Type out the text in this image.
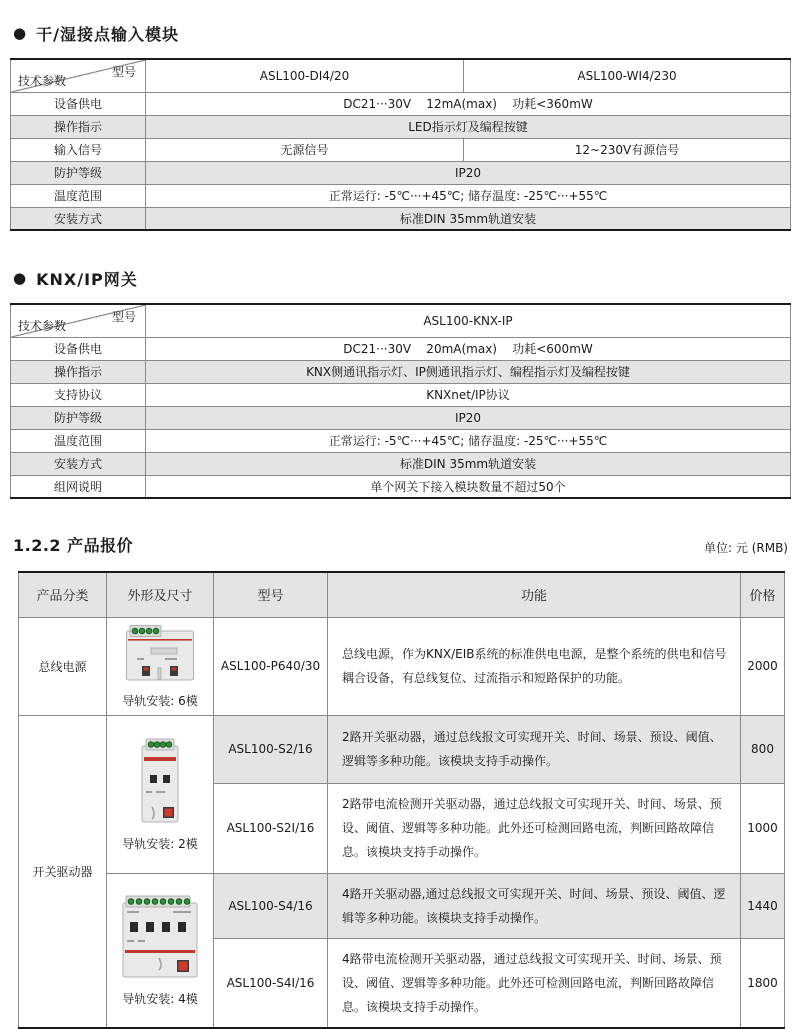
● 干/湿接点输入模块
型号
技术参数	ASL100-DI4/20	ASL100-WI4/230
设备供电	DC21···30V    12mA(max)    功耗<360mW	
操作指示	LED指示灯及编程按键	
输入信号	无源信号	12~230V有源信号
防护等级	IP20	
温度范围	正常运行: -5℃···+45℃; 储存温度: -25℃···+55℃	
安装方式	标准DIN 35mm轨道安装	
● KNX/IP网关
型号
技术参数	ASL100-KNX-IP
设备供电	DC21···30V    20mA(max)    功耗<600mW
操作指示	KNX侧通讯指示灯、IP侧通讯指示灯、编程指示灯及编程按键
支持协议	KNXnet/IP协议
防护等级	IP20
温度范围	正常运行: -5℃···+45℃; 储存温度: -25℃···+55℃
安装方式	标准DIN 35mm轨道安装
组网说明	单个网关下接入模块数量不超过50个
1.2.2 产品报价	单位: 元 (RMB)
产品分类	外形及尺寸	型号	功能	价格
总线电源	导轨安装: 6模	ASL100-P640/30	总线电源，作为KNX/EIB系统的标准供电电源，是整个系统的供电和信号耦合设备，有总线复位、过流指示和短路保护的功能。	2000
开关驱动器	导轨安装: 2模	ASL100-S2/16	2路开关驱动器，通过总线报文可实现开关、时间、场景、预设、阈值、逻辑等多种功能。该模块支持手动操作。	800
		ASL100-S2I/16	2路带电流检测开关驱动器，通过总线报文可实现开关、时间、场景、预设、阈值、逻辑等多种功能。此外还可检测回路电流，判断回路故障信息。该模块支持手动操作。	1000

	导轨安装: 4模	ASL100-S4/16	4路开关驱动器,通过总线报文可实现开关、时间、场景、预设、阈值、逻辑等多种功能。该模块支持手动操作。	1440
		ASL100-S4I/16	4路带电流检测开关驱动器，通过总线报文可实现开关、时间、场景、预设、阈值、逻辑等多种功能。此外还可检测回路电流，判断回路故障信息。该模块支持手动操作。	1800
